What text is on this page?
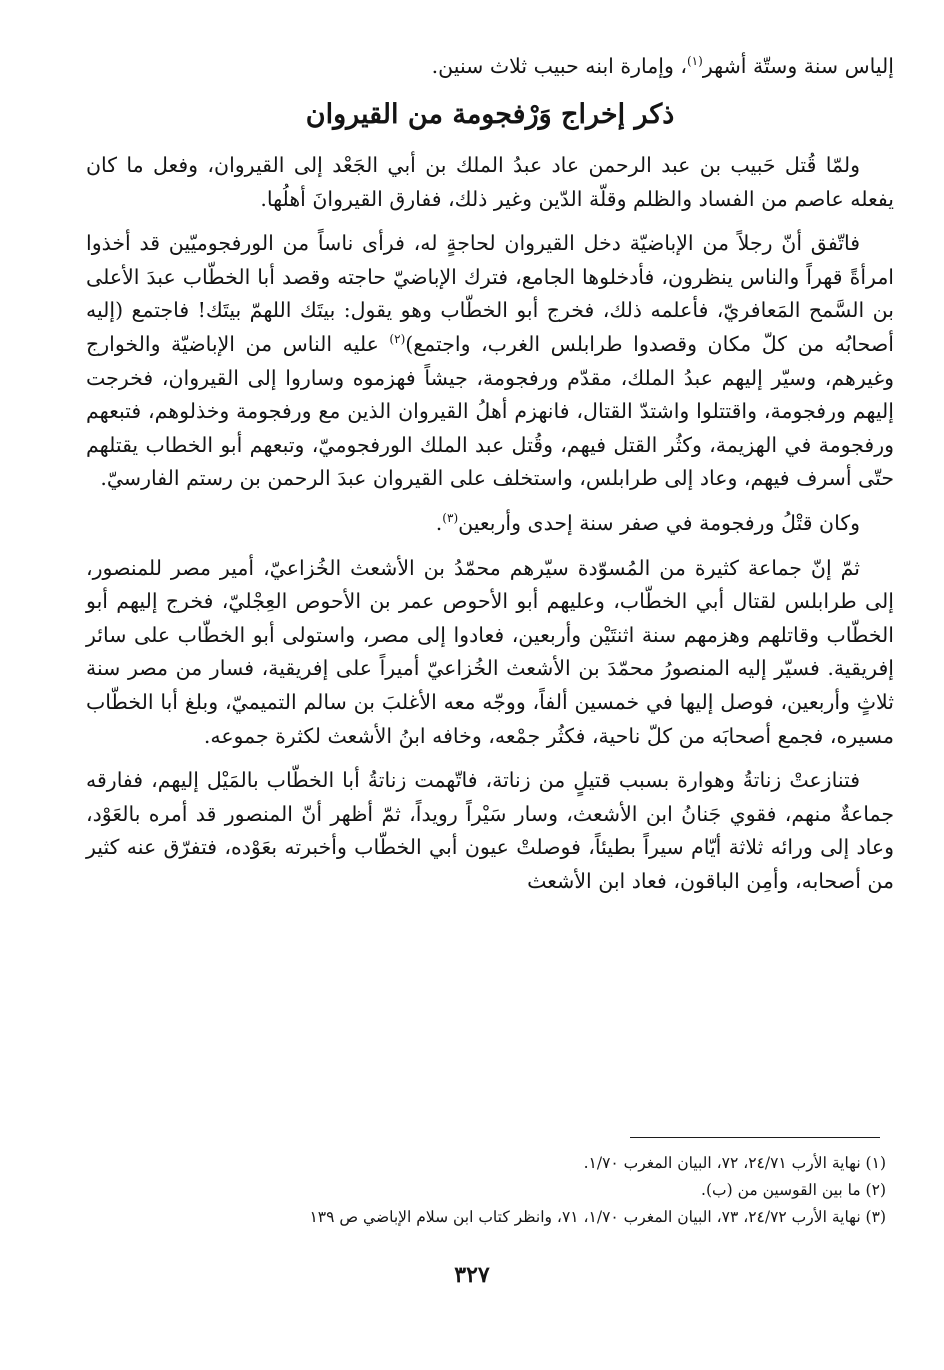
إلياس سنة وستّة أشهر$^{(١)}$، وإمارة ابنه حبيب ثلاث سنين.

ذكر إخراج وَرْفجومة من القيروان

ولمّا قُتل حَبيب بن عبد الرحمن عاد عبدُ الملك بن أبي الجَعْد إلى القيروان، وفعل ما كان يفعله عاصم من الفساد والظلم وقلّة الدّين وغير ذلك، ففارق القيروانَ أهلُها.

فاتّفق أنّ رجلاً من الإباضيّة دخل القيروان لحاجةٍ له، فرأى ناساً من الورفجوميّين قد أخذوا امرأةً قهراً والناس ينظرون، فأدخلوها الجامع، فترك الإباضيّ حاجته وقصد أبا الخطّاب عبدَ الأعلى بن السَّمح المَعافريّ، فأعلمه ذلك، فخرج أبو الخطّاب وهو يقول: بيتَك اللهمّ بيتَك! فاجتمع (إليه أصحابُه من كلّ مكان وقصدوا طرابلس الغرب، واجتمع)$^{(٢)}$ عليه الناس من الإباضيّة والخوارج وغيرهم، وسيّر إليهم عبدُ الملك، مقدّم ورفجومة، جيشاً فهزموه وساروا إلى القيروان، فخرجت إليهم ورفجومة، واقتتلوا واشتدّ القتال، فانهزم أهلُ القيروان الذين مع ورفجومة وخذلوهم، فتبعهم ورفجومة في الهزيمة، وكثُر القتل فيهم، وقُتل عبد الملك الورفجوميّ، وتبعهم أبو الخطاب يقتلهم حتّى أسرف فيهم، وعاد إلى طرابلس، واستخلف على القيروان عبدَ الرحمن بن رستم الفارسيّ.

وكان قتْلُ ورفجومة في صفر سنة إحدى وأربعين$^{(٣)}$.

ثمّ إنّ جماعة كثيرة من المُسوّدة سيّرهم محمّدُ بن الأشعث الخُزاعيّ، أمير مصر للمنصور، إلى طرابلس لقتال أبي الخطّاب، وعليهم أبو الأحوص عمر بن الأحوص العِجْليّ، فخرج إليهم أبو الخطّاب وقاتلهم وهزمهم سنة اثنتَيْن وأربعين، فعادوا إلى مصر، واستولى أبو الخطّاب على سائر إفريقية. فسيّر إليه المنصورُ محمّدَ بن الأشعث الخُزاعيّ أميراً على إفريقية، فسار من مصر سنة ثلاثٍ وأربعين، فوصل إليها في خمسين ألفاً، ووجّه معه الأغلبَ بن سالم التميميّ، وبلغ أبا الخطّاب مسيره، فجمع أصحابَه من كلّ ناحية، فكثُر جمْعه، وخافه ابنُ الأشعث لكثرة جموعه.

فتنازعتْ زناتةُ وهوارة بسبب قتيلٍ من زناتة، فاتّهمت زناتةُ أبا الخطّاب بالمَيْل إليهم، ففارقه جماعةٌ منهم، فقوي جَنانُ ابن الأشعث، وسار سَيْراً رويداً، ثمّ أظهر أنّ المنصور قد أمره بالعَوْد، وعاد إلى ورائه ثلاثة أيّام سيراً بطيئاً، فوصلتْ عيون أبي الخطّاب وأخبرته بعَوْده، فتفرّق عنه كثير من أصحابه، وأمِن الباقون، فعاد ابن الأشعث

(١) نهاية الأرب ٢٤/٧١، ٧٢، البيان المغرب ١/٧٠.

(٢) ما بين القوسين من (ب).

(٣) نهاية الأرب ٢٤/٧٢، ٧٣، البيان المغرب ١/٧٠، ٧١، وانظر كتاب ابن سلام الإباضي ص ١٣٩

٣٢٧
